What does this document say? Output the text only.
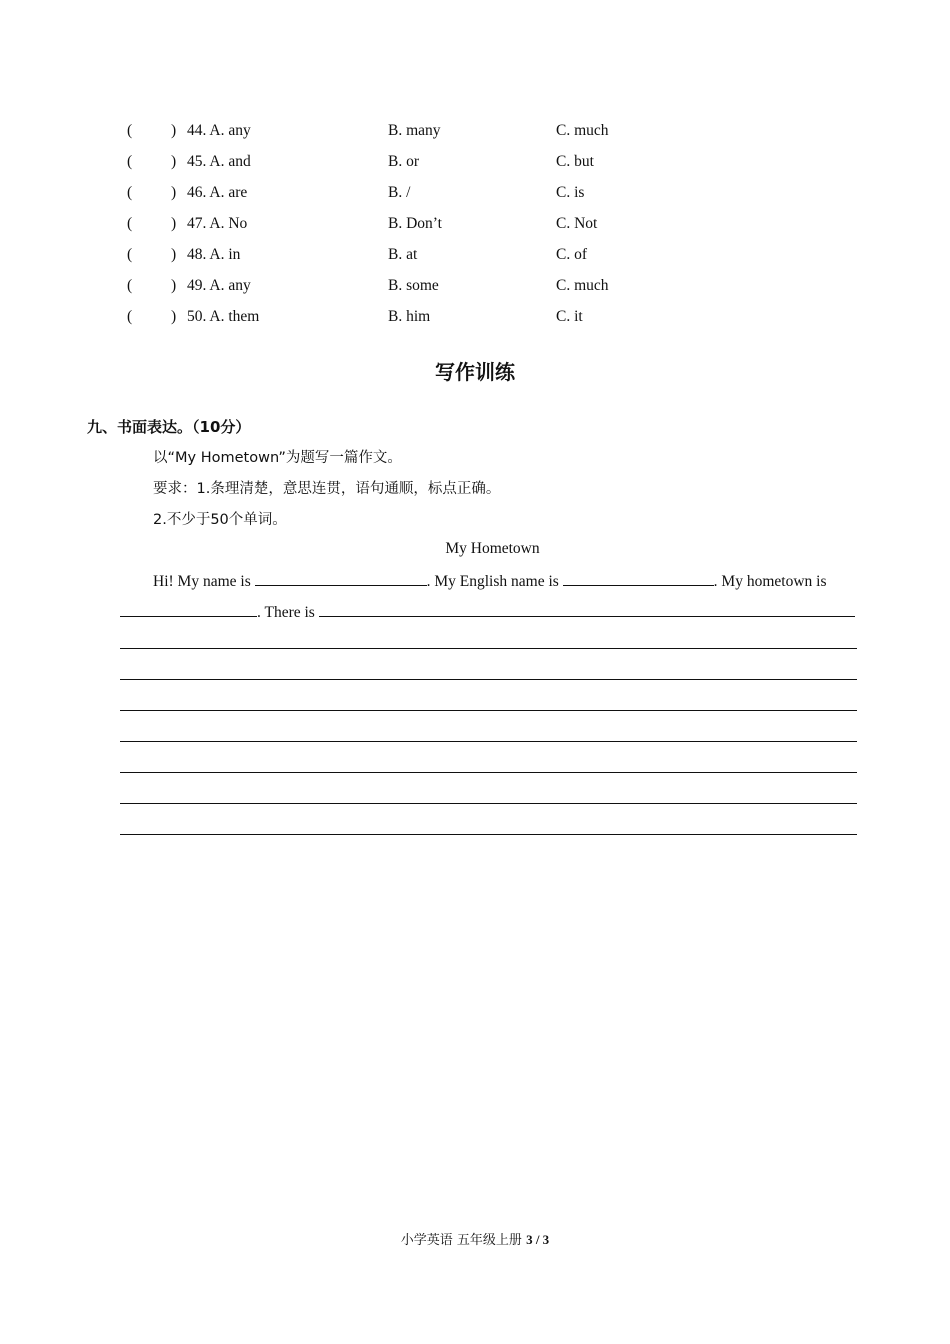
(	) 44. A. any	B. many	C. much
(	) 45. A. and	B. or	C. but
(	) 46. A. are	B. /	C. is
(	) 47. A. No	B. Don’t	C. Not
(	) 48. A. in	B. at	C. of
(	) 49. A. any	B. some	C. much
(	) 50. A. them	B. him	C. it
写作训练
九、书面表达。（10分）
以“My Hometown”为题写一篇作文。
要求：1.条理清楚，意思连贯，语句通顺，标点正确。
2.不少于50个单词。
My Hometown
Hi! My name is	. My English name is	. My hometown is
. There is
小学英语 五年级上册 3 / 3
